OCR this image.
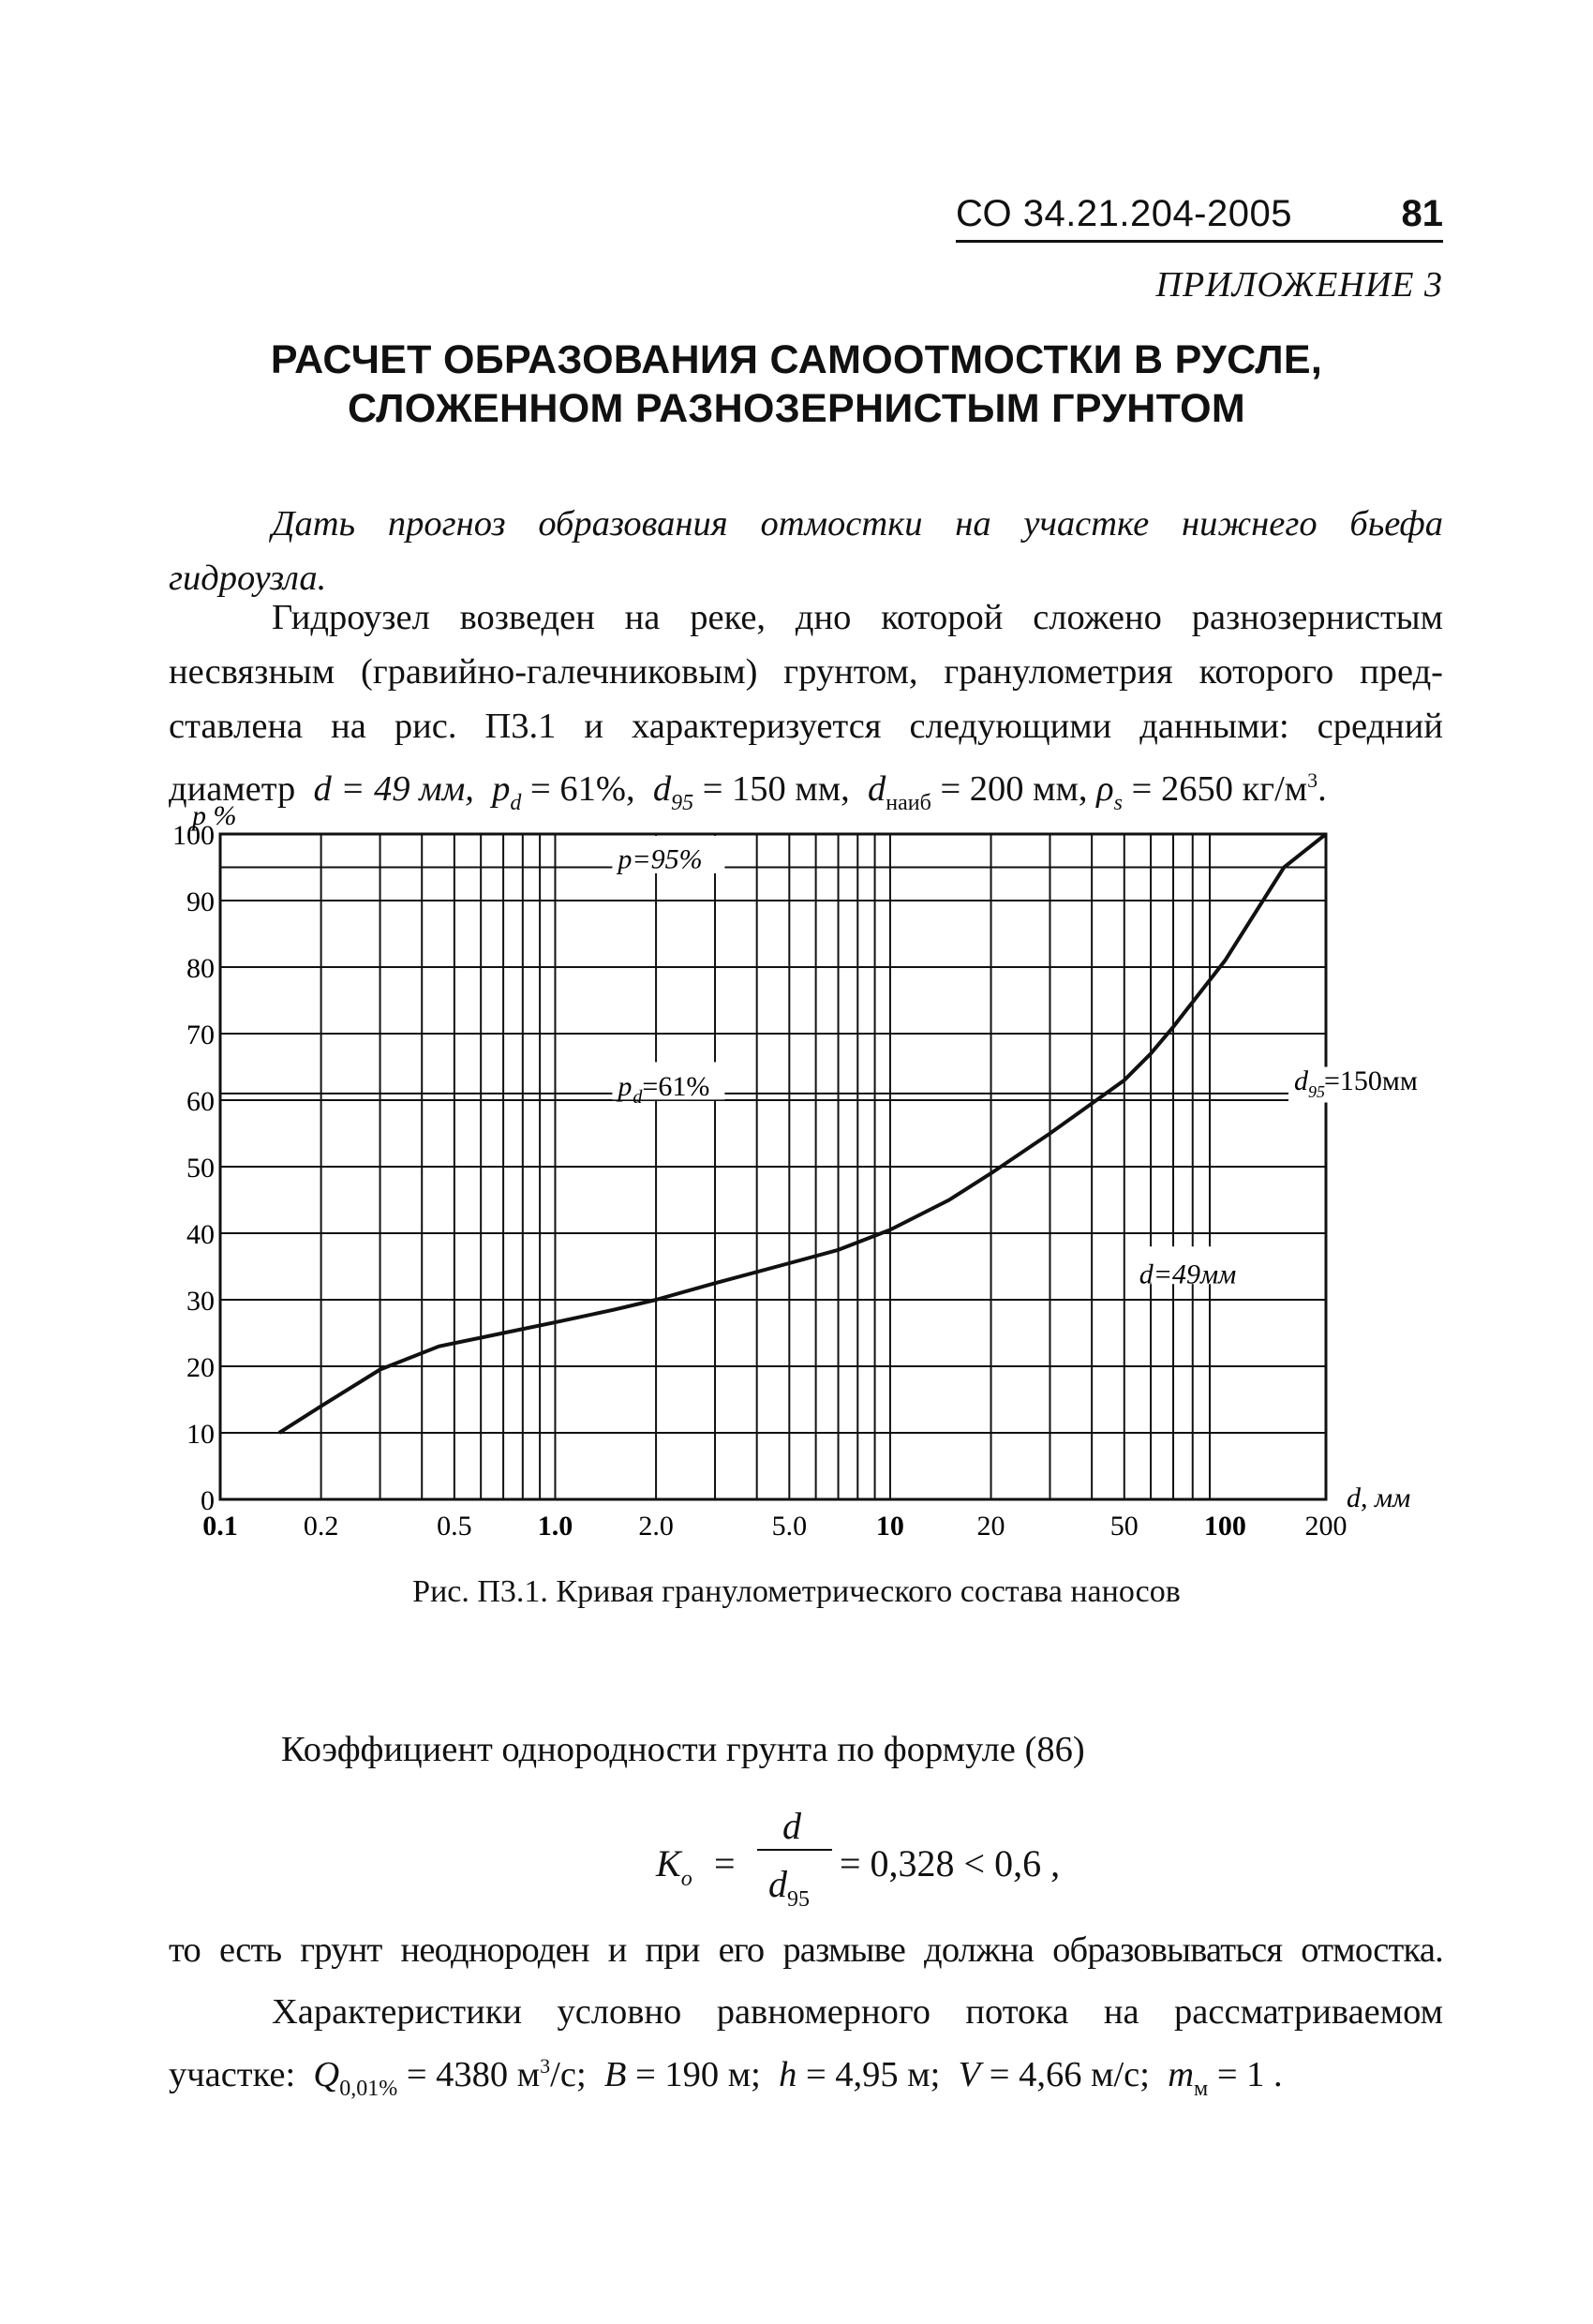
СО 34.21.204-2005	81
ПРИЛОЖЕНИЕ 3
РАСЧЕТ ОБРАЗОВАНИЯ САМООТМОСТКИ В РУСЛЕ,
СЛОЖЕННОМ РАЗНОЗЕРНИСТЫМ ГРУНТОМ
Дать прогноз образования отмостки на участке нижнего бьефа
гидроузла.
Гидроузел возведен на реке, дно которой сложено разнозернистым
несвязным (гравийно-галечниковым) грунтом, гранулометрия которого пред-
ставлена на рис. П3.1 и характеризуется следующими данными: средний
диаметр d = 49 мм, $p_d = 61\%$, $d_{95} = 150$ мм, $d_{наиб} = 200$ мм, $\rho_s = 2650$ $кг/м^3$.
0
10
20
30
40
50
60
70
80
90
100
0.1 0.2	0.5 1.0 2.0	5.0 10	20	50 100 200
p %
d, мм
p=95%
p d =61%	d 95 =150мм
d=49мм
Рис. П3.1. Кривая гранулометрического состава наносов
Коэффициент однородности грунта по формуле (86)
$K_o$ =
d
$d_{95}$
= 0,328 < 0,6 ,
то есть грунт неоднороден и при его размыве должна образовываться отмостка.
Характеристики условно равномерного потока на рассматриваемом
участке: $Q_{0,01\%} = 4380$ $м^3/с$; B = 190 м; h = 4,95 м; V = 4,66 м/с; $m_м = 1$ .
